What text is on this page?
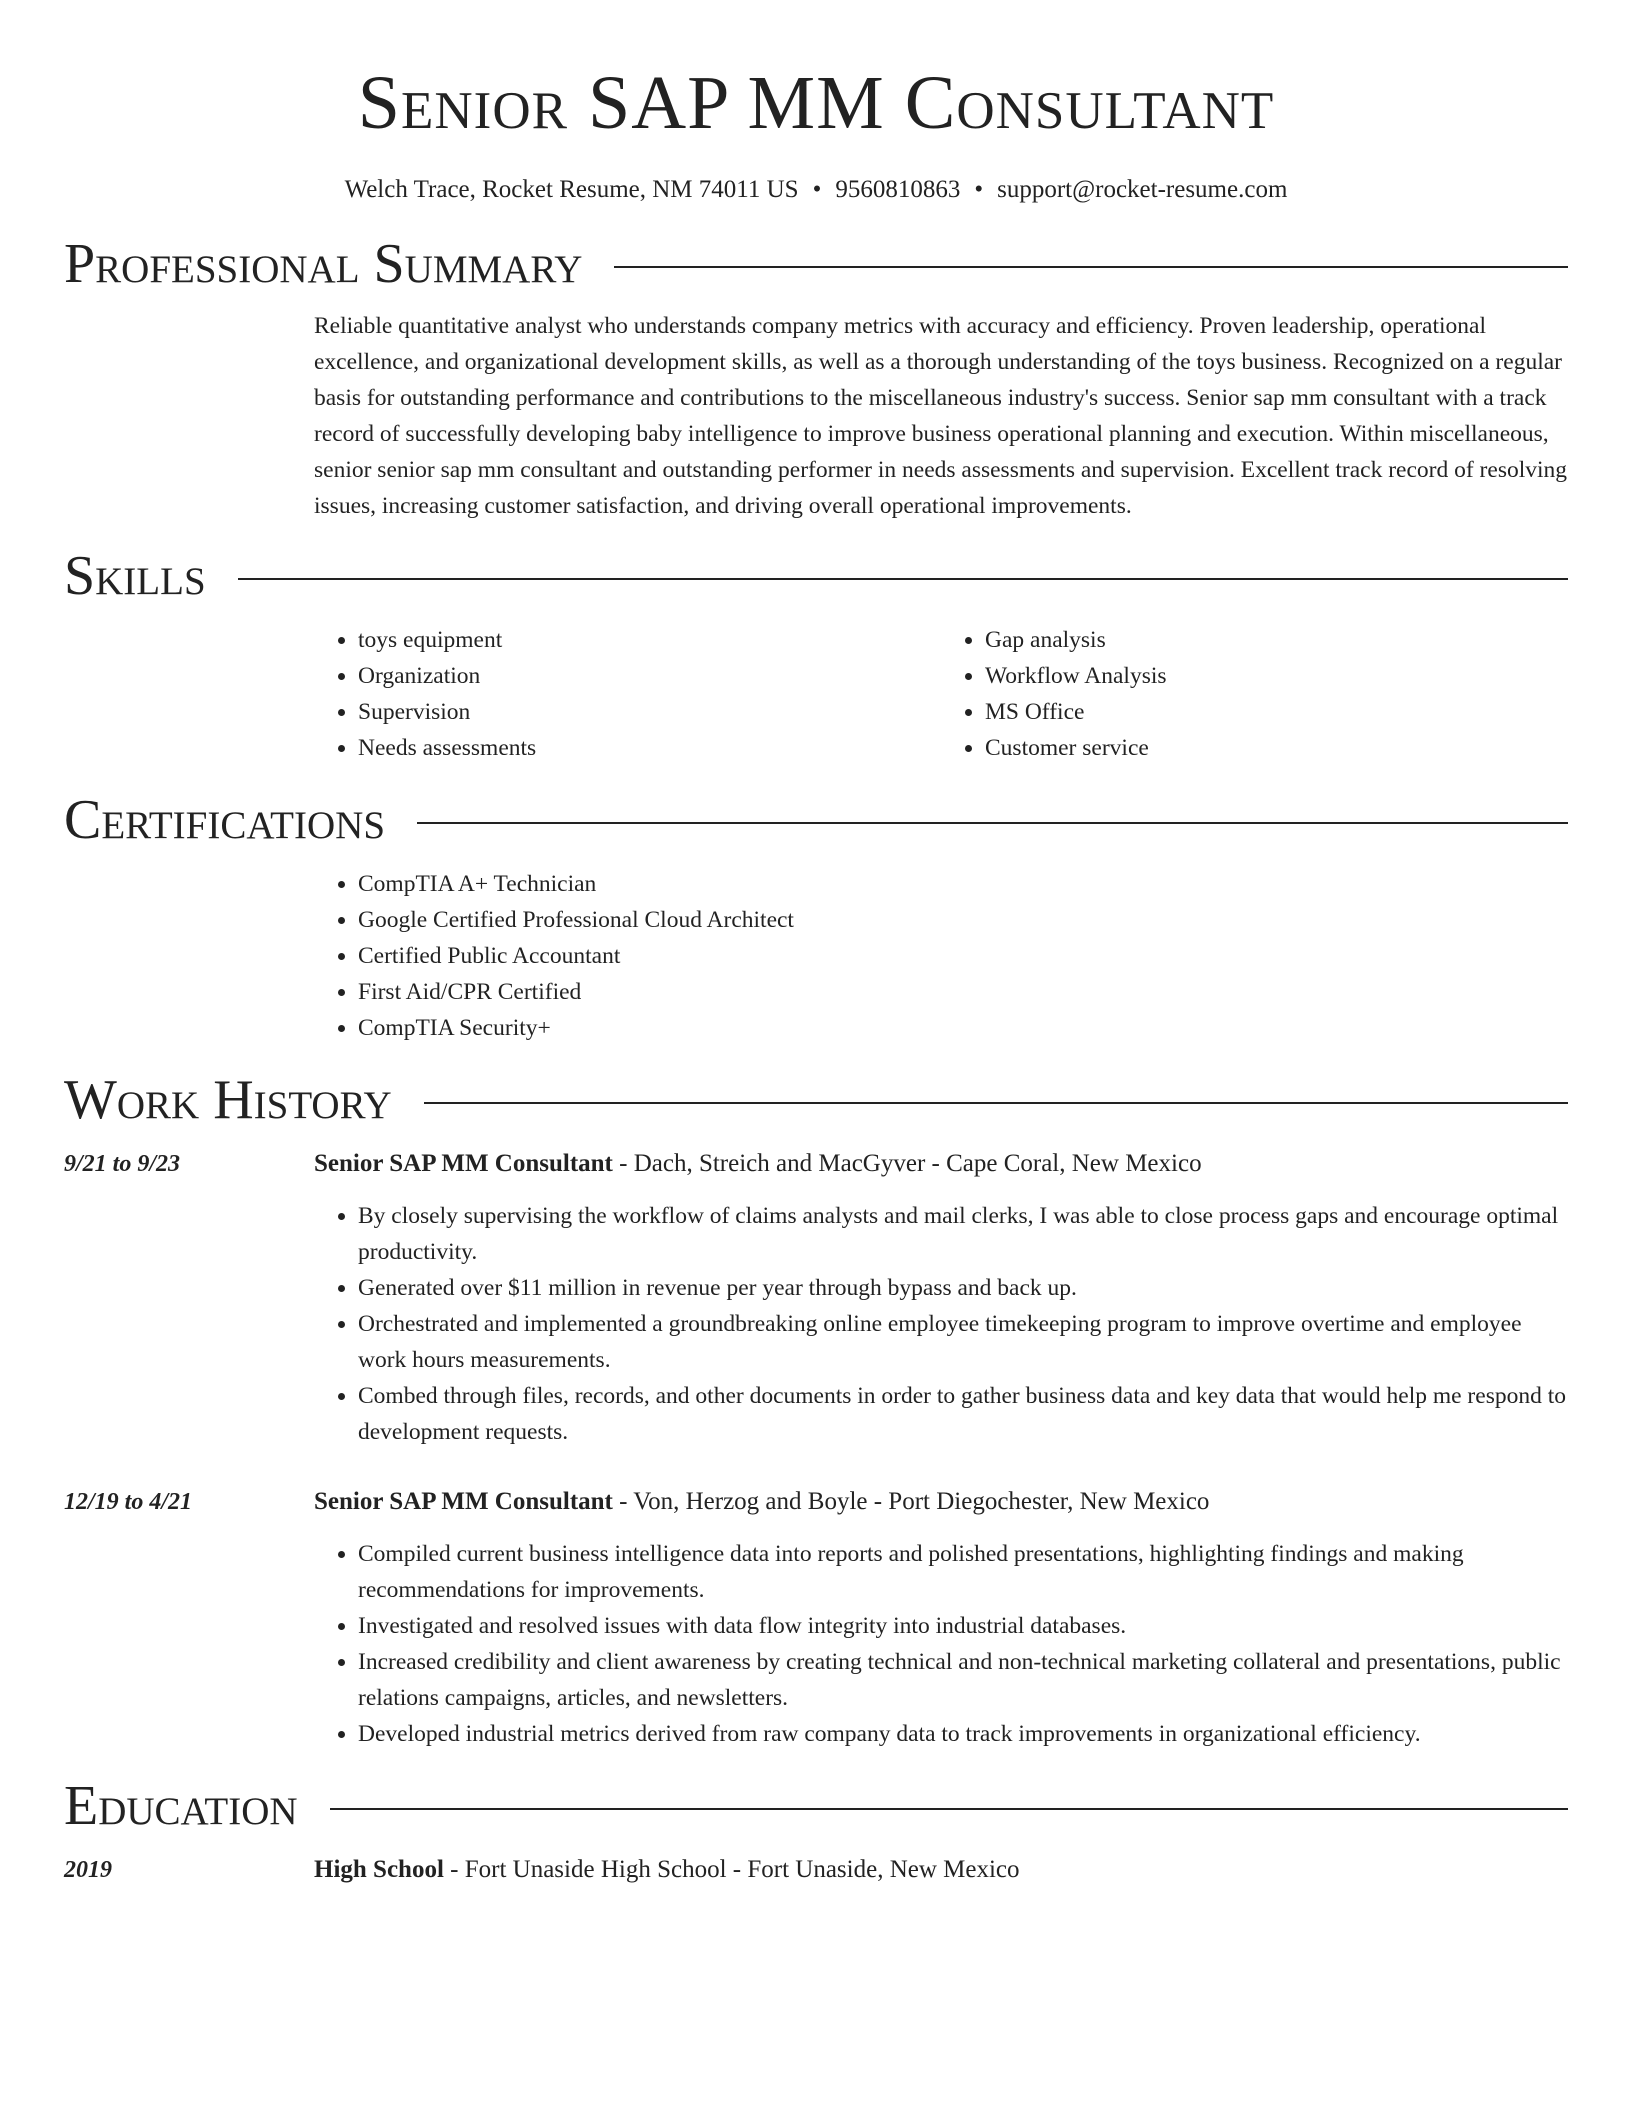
Senior SAP MM Consultant
Welch Trace, Rocket Resume, NM 74011 US • 9560810863 • support@rocket-resume.com
Professional Summary

Reliable quantitative analyst who understands company metrics with accuracy and efficiency. Proven leadership, operational excellence, and organizational development skills, as well as a thorough understanding of the toys business. Recognized on a regular basis for outstanding performance and contributions to the miscellaneous industry's success. Senior sap mm consultant with a track record of successfully developing baby intelligence to improve business operational planning and execution. Within miscellaneous, senior senior sap mm consultant and outstanding performer in needs assessments and supervision. Excellent track record of resolving issues, increasing customer satisfaction, and driving overall operational improvements.

Skills
• toys equipment
• Organization
• Supervision
• Needs assessments
• Gap analysis
• Workflow Analysis
• MS Office
• Customer service
Certifications
• CompTIA A+ Technician
• Google Certified Professional Cloud Architect
• Certified Public Accountant
• First Aid/CPR Certified
• CompTIA Security+
Work History
9/21 to 9/23	Senior SAP MM Consultant - Dach, Streich and MacGyver - Cape Coral, New Mexico
• By closely supervising the workflow of claims analysts and mail clerks, I was able to close process gaps and encourage optimal productivity.
• Generated over $11 million in revenue per year through bypass and back up.
• Orchestrated and implemented a groundbreaking online employee timekeeping program to improve overtime and employee work hours measurements.
• Combed through files, records, and other documents in order to gather business data and key data that would help me respond to development requests.
12/19 to 4/21	Senior SAP MM Consultant - Von, Herzog and Boyle - Port Diegochester, New Mexico
• Compiled current business intelligence data into reports and polished presentations, highlighting findings and making recommendations for improvements.
• Investigated and resolved issues with data flow integrity into industrial databases.
• Increased credibility and client awareness by creating technical and non-technical marketing collateral and presentations, public relations campaigns, articles, and newsletters.
• Developed industrial metrics derived from raw company data to track improvements in organizational efficiency.
Education
2019	High School - Fort Unaside High School - Fort Unaside, New Mexico
